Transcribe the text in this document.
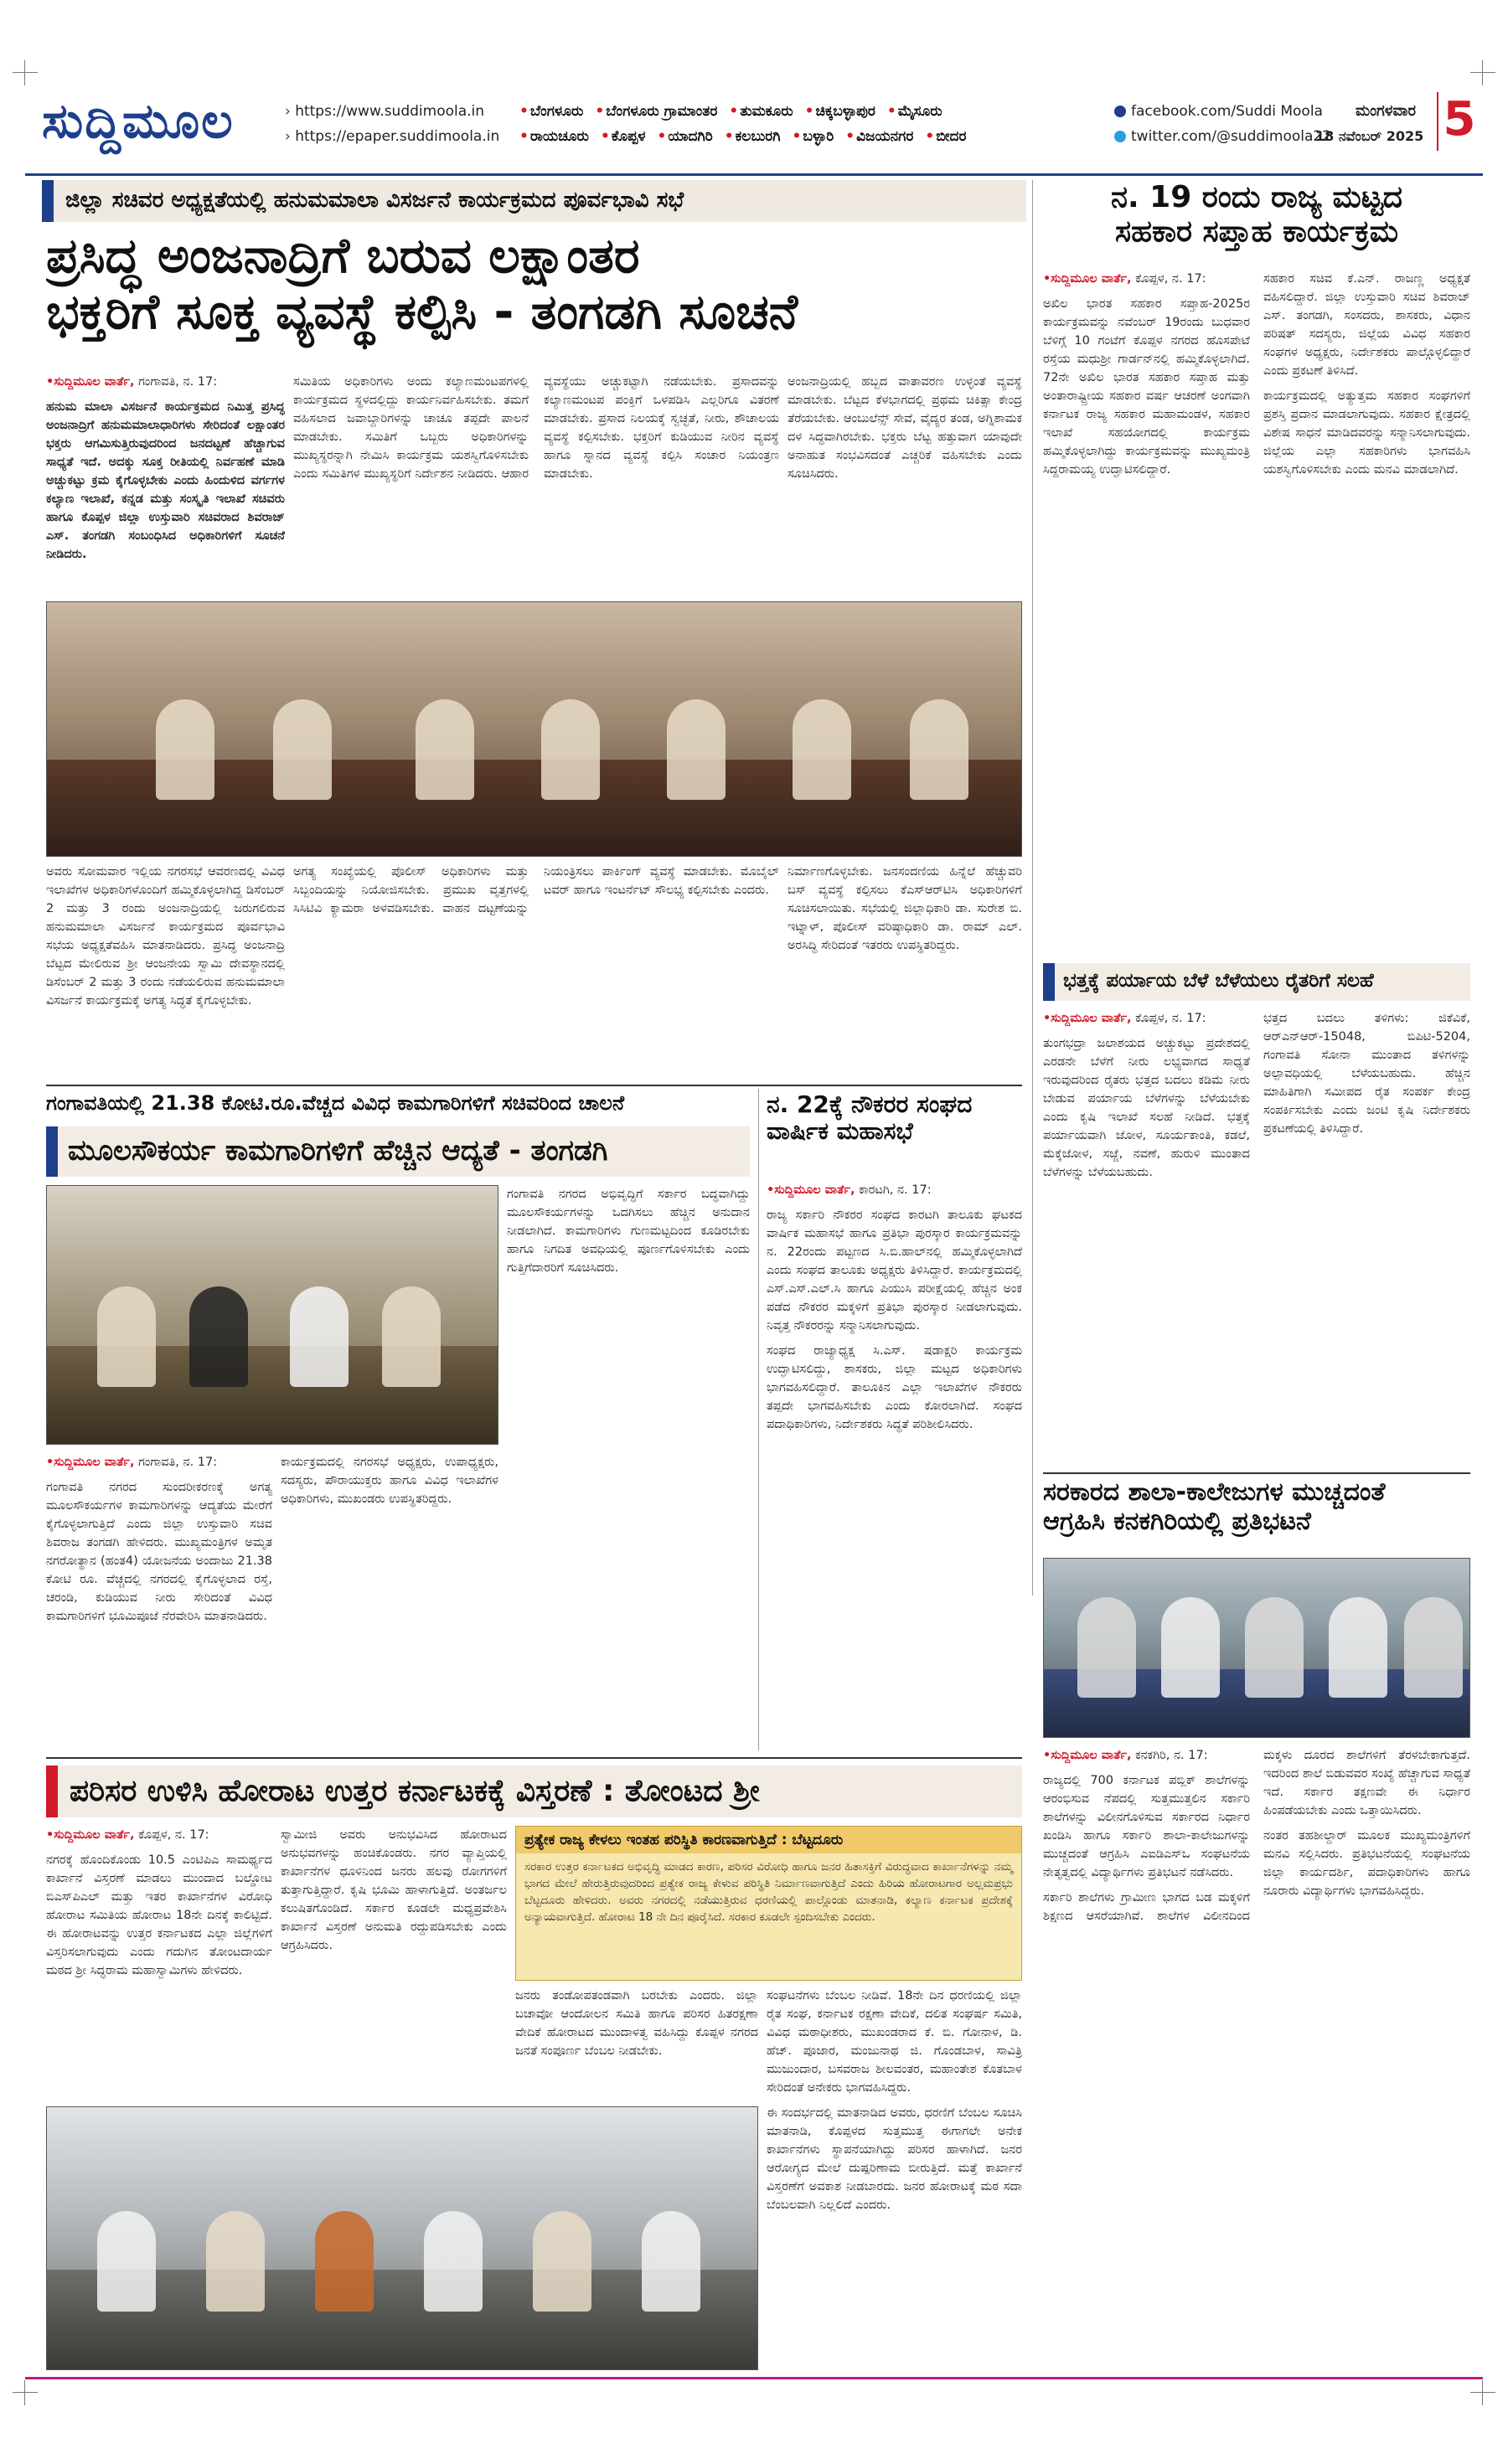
ಸುದ್ದಿಮೂಲ	› https://www.suddimoola.in
› https://epaper.suddimoola.in
• ಬೆಂಗಳೂರು • ಬೆಂಗಳೂರು ಗ್ರಾಮಾಂತರ • ತುಮಕೂರು • ಚಿಕ್ಕಬಳ್ಳಾಪುರ • ಮೈಸೂರು
• ರಾಯಚೂರು • ಕೊಪ್ಪಳ • ಯಾದಗಿರಿ • ಕಲಬುರಗಿ • ಬಳ್ಳಾರಿ • ವಿಜಯನಗರ • ಬೀದರ
facebook.com/Suddi Moola
twitter.com/@suddimoola22
ಮಂಗಳವಾರ
18 ನವೆಂಬರ್ 2025 5
ಜಿಲ್ಲಾ ಸಚಿವರ ಅಧ್ಯಕ್ಷತೆಯಲ್ಲಿ ಹನುಮಮಾಲಾ ವಿಸರ್ಜನೆ ಕಾರ್ಯಕ್ರಮದ ಪೂರ್ವಭಾವಿ ಸಭೆ
ಪ್ರಸಿದ್ಧ ಅಂಜನಾದ್ರಿಗೆ ಬರುವ ಲಕ್ಷಾಂತರ
ಭಕ್ತರಿಗೆ ಸೂಕ್ತ ವ್ಯವಸ್ಥೆ ಕಲ್ಪಿಸಿ - ತಂಗಡಗಿ ಸೂಚನೆ

•ಸುದ್ದಿಮೂಲ ವಾರ್ತೆ, ಗಂಗಾವತಿ, ನ. 17:

ಹನುಮ ಮಾಲಾ ವಿಸರ್ಜನೆ ಕಾರ್ಯಕ್ರಮದ ನಿಮಿತ್ತ ಪ್ರಸಿದ್ಧ ಅಂಜನಾದ್ರಿಗೆ ಹನುಮಮಾಲಾಧಾರಿಗಳು ಸೇರಿದಂತೆ ಲಕ್ಷಾಂತರ ಭಕ್ತರು ಆಗಮಿಸುತ್ತಿರುವುದರಿಂದ ಜನದಟ್ಟಣೆ ಹೆಚ್ಚಾಗುವ ಸಾಧ್ಯತೆ ಇದೆ. ಅದಕ್ಕು ಸೂಕ್ತ ರೀತಿಯಲ್ಲಿ ನಿರ್ವಹಣೆ ಮಾಡಿ ಅಚ್ಚುಕಟ್ಟು ಕ್ರಮ ಕೈಗೊಳ್ಳಬೇಕು ಎಂದು ಹಿಂದುಳಿದ ವರ್ಗಗಳ ಕಲ್ಯಾಣ ಇಲಾಖೆ, ಕನ್ನಡ ಮತ್ತು ಸಂಸ್ಕೃತಿ ಇಲಾಖೆ ಸಚಿವರು ಹಾಗೂ ಕೊಪ್ಪಳ ಜಿಲ್ಲಾ ಉಸ್ತುವಾರಿ ಸಚಿವರಾದ ಶಿವರಾಜ್ ಎಸ್. ತಂಗಡಗಿ ಸಂಬಂಧಿಸಿದ ಅಧಿಕಾರಿಗಳಿಗೆ ಸೂಚನೆ ನೀಡಿದರು.

ಸಮಿತಿಯ ಅಧಿಕಾರಿಗಳು ಅಂದು ಕಲ್ಯಾಣಮಂಟಪಗಳಲ್ಲಿ ಕಾರ್ಯಕ್ರಮದ ಸ್ಥಳದಲ್ಲಿದ್ದು ಕಾರ್ಯನಿರ್ವಹಿಸಬೇಕು. ತಮಗೆ ವಹಿಸಲಾದ ಜವಾಬ್ದಾರಿಗಳನ್ನು ಚಾಚೂ ತಪ್ಪದೇ ಪಾಲನೆ ಮಾಡಬೇಕು. ಸಮಿತಿಗೆ ಒಬ್ಬರು ಅಧಿಕಾರಿಗಳನ್ನು ಮುಖ್ಯಸ್ಥರನ್ನಾಗಿ ನೇಮಿಸಿ ಕಾರ್ಯಕ್ರಮ ಯಶಸ್ವಿಗೊಳಿಸಬೇಕು ಎಂದು ಸಮಿತಿಗಳ ಮುಖ್ಯಸ್ಥರಿಗೆ ನಿರ್ದೇಶನ ನೀಡಿದರು. ಆಹಾರ ವ್ಯವಸ್ಥೆಯು ಅಚ್ಚುಕಟ್ಟಾಗಿ ನಡೆಯಬೇಕು. ಪ್ರಸಾದವನ್ನು ಕಲ್ಯಾಣಮಂಟಪ ಪಂಕ್ತಿಗೆ ಒಳಪಡಿಸಿ ಎಲ್ಲರಿಗೂ ವಿತರಣೆ ಮಾಡಬೇಕು. ಪ್ರಸಾದ ನಿಲಯಕ್ಕೆ ಸ್ವಚ್ಛತೆ, ನೀರು, ಶೌಚಾಲಯ ವ್ಯವಸ್ಥೆ ಕಲ್ಪಿಸಬೇಕು. ಭಕ್ತರಿಗೆ ಕುಡಿಯುವ ನೀರಿನ ವ್ಯವಸ್ಥೆ ಹಾಗೂ ಸ್ನಾನದ ವ್ಯವಸ್ಥೆ ಕಲ್ಪಿಸಿ ಸಂಚಾರ ನಿಯಂತ್ರಣ ಮಾಡಬೇಕು.

ಅಂಜನಾದ್ರಿಯಲ್ಲಿ ಹಬ್ಬದ ವಾತಾವರಣ ಉಳ್ಳಂತೆ ವ್ಯವಸ್ಥೆ ಮಾಡಬೇಕು. ಬೆಟ್ಟದ ಕೆಳಭಾಗದಲ್ಲಿ ಪ್ರಥಮ ಚಿಕಿತ್ಸಾ ಕೇಂದ್ರ ತೆರೆಯಬೇಕು. ಆಂಬುಲೆನ್ಸ್ ಸೇವೆ, ವೈದ್ಯರ ತಂಡ, ಅಗ್ನಿಶಾಮಕ ದಳ ಸಿದ್ಧವಾಗಿರಬೇಕು. ಭಕ್ತರು ಬೆಟ್ಟ ಹತ್ತುವಾಗ ಯಾವುದೇ ಅನಾಹುತ ಸಂಭವಿಸದಂತೆ ಎಚ್ಚರಿಕೆ ವಹಿಸಬೇಕು ಎಂದು ಸೂಚಿಸಿದರು.

ಅವರು ಸೋಮವಾರ ಇಲ್ಲಿಯ ನಗರಸಭೆ ಆವರಣದಲ್ಲಿ ವಿವಿಧ ಇಲಾಖೆಗಳ ಅಧಿಕಾರಿಗಳೊಂದಿಗೆ ಹಮ್ಮಿಕೊಳ್ಳಲಾಗಿದ್ದ ಡಿಸೆಂಬರ್ 2 ಮತ್ತು 3 ರಂದು ಅಂಜನಾದ್ರಿಯಲ್ಲಿ ಜರುಗಲಿರುವ ಹನುಮಮಾಲಾ ವಿಸರ್ಜನೆ ಕಾರ್ಯಕ್ರಮದ ಪೂರ್ವಭಾವಿ ಸಭೆಯ ಅಧ್ಯಕ್ಷತೆವಹಿಸಿ ಮಾತನಾಡಿದರು. ಪ್ರಸಿದ್ಧ ಅಂಜನಾದ್ರಿ ಬೆಟ್ಟದ ಮೇಲಿರುವ ಶ್ರೀ ಆಂಜನೇಯ ಸ್ವಾಮಿ ದೇವಸ್ಥಾನದಲ್ಲಿ ಡಿಸೆಂಬರ್ 2 ಮತ್ತು 3 ರಂದು ನಡೆಯಲಿರುವ ಹನುಮಮಾಲಾ ವಿಸರ್ಜನೆ ಕಾರ್ಯಕ್ರಮಕ್ಕೆ ಅಗತ್ಯ ಸಿದ್ಧತೆ ಕೈಗೊಳ್ಳಬೇಕು.

ಅಗತ್ಯ ಸಂಖ್ಯೆಯಲ್ಲಿ ಪೊಲೀಸ್ ಅಧಿಕಾರಿಗಳು ಮತ್ತು ಸಿಬ್ಬಂದಿಯನ್ನು ನಿಯೋಜಿಸಬೇಕು. ಪ್ರಮುಖ ವೃತ್ತಗಳಲ್ಲಿ ಸಿಸಿಟಿವಿ ಕ್ಯಾಮರಾ ಅಳವಡಿಸಬೇಕು. ವಾಹನ ದಟ್ಟಣೆಯನ್ನು ನಿಯಂತ್ರಿಸಲು ಪಾರ್ಕಿಂಗ್ ವ್ಯವಸ್ಥೆ ಮಾಡಬೇಕು. ಮೊಬೈಲ್ ಟವರ್ ಹಾಗೂ ಇಂಟರ್ನೆಟ್ ಸೌಲಭ್ಯ ಕಲ್ಪಿಸಬೇಕು ಎಂದರು.

ನಿರ್ಮಾಣಗೊಳ್ಳಬೇಕು. ಜನಸಂದಣಿಯ ಹಿನ್ನೆಲೆ ಹೆಚ್ಚುವರಿ ಬಸ್ ವ್ಯವಸ್ಥೆ ಕಲ್ಪಿಸಲು ಕೆಎಸ್ಆರ್‌ಟಿಸಿ ಅಧಿಕಾರಿಗಳಿಗೆ ಸೂಚಿಸಲಾಯಿತು. ಸಭೆಯಲ್ಲಿ ಜಿಲ್ಲಾಧಿಕಾರಿ ಡಾ. ಸುರೇಶ ಬಿ. ಇಟ್ನಾಳ್, ಪೊಲೀಸ್ ವರಿಷ್ಠಾಧಿಕಾರಿ ಡಾ. ರಾಮ್ ಎಲ್. ಅರಸಿದ್ಧಿ ಸೇರಿದಂತೆ ಇತರರು ಉಪಸ್ಥಿತರಿದ್ದರು.

ನ. 19 ರಂದು ರಾಜ್ಯ ಮಟ್ಟದ
ಸಹಕಾರ ಸಪ್ತಾಹ ಕಾರ್ಯಕ್ರಮ

•ಸುದ್ದಿಮೂಲ ವಾರ್ತೆ, ಕೊಪ್ಪಳ, ನ. 17:

ಅಖಿಲ ಭಾರತ ಸಹಕಾರ ಸಪ್ತಾಹ-2025ರ ಕಾರ್ಯಕ್ರಮವನ್ನು ನವೆಂಬರ್ 19ರಂದು ಬುಧವಾರ ಬೆಳಿಗ್ಗೆ 10 ಗಂಟೆಗೆ ಕೊಪ್ಪಳ ನಗರದ ಹೊಸಪೇಟೆ ರಸ್ತೆಯ ಮಧುಶ್ರೀ ಗಾರ್ಡನ್‌ನಲ್ಲಿ ಹಮ್ಮಿಕೊಳ್ಳಲಾಗಿದೆ. 72ನೇ ಅಖಿಲ ಭಾರತ ಸಹಕಾರ ಸಪ್ತಾಹ ಮತ್ತು ಅಂತಾರಾಷ್ಟ್ರೀಯ ಸಹಕಾರ ವರ್ಷ ಆಚರಣೆ ಅಂಗವಾಗಿ ಕರ್ನಾಟಕ ರಾಜ್ಯ ಸಹಕಾರ ಮಹಾಮಂಡಳ, ಸಹಕಾರ ಇಲಾಖೆ ಸಹಯೋಗದಲ್ಲಿ ಕಾರ್ಯಕ್ರಮ ಹಮ್ಮಿಕೊಳ್ಳಲಾಗಿದ್ದು ಕಾರ್ಯಕ್ರಮವನ್ನು ಮುಖ್ಯಮಂತ್ರಿ ಸಿದ್ದರಾಮಯ್ಯ ಉದ್ಘಾಟಿಸಲಿದ್ದಾರೆ.

ಸಹಕಾರ ಸಚಿವ ಕೆ.ಎನ್. ರಾಜಣ್ಣ ಅಧ್ಯಕ್ಷತೆ ವಹಿಸಲಿದ್ದಾರೆ. ಜಿಲ್ಲಾ ಉಸ್ತುವಾರಿ ಸಚಿವ ಶಿವರಾಜ್ ಎಸ್. ತಂಗಡಗಿ, ಸಂಸದರು, ಶಾಸಕರು, ವಿಧಾನ ಪರಿಷತ್ ಸದಸ್ಯರು, ಜಿಲ್ಲೆಯ ವಿವಿಧ ಸಹಕಾರ ಸಂಘಗಳ ಅಧ್ಯಕ್ಷರು, ನಿರ್ದೇಶಕರು ಪಾಲ್ಗೊಳ್ಳಲಿದ್ದಾರೆ ಎಂದು ಪ್ರಕಟಣೆ ತಿಳಿಸಿದೆ.

ಕಾರ್ಯಕ್ರಮದಲ್ಲಿ ಅತ್ಯುತ್ತಮ ಸಹಕಾರ ಸಂಘಗಳಿಗೆ ಪ್ರಶಸ್ತಿ ಪ್ರದಾನ ಮಾಡಲಾಗುವುದು. ಸಹಕಾರ ಕ್ಷೇತ್ರದಲ್ಲಿ ವಿಶೇಷ ಸಾಧನೆ ಮಾಡಿದವರನ್ನು ಸನ್ಮಾನಿಸಲಾಗುವುದು. ಜಿಲ್ಲೆಯ ಎಲ್ಲಾ ಸಹಕಾರಿಗಳು ಭಾಗವಹಿಸಿ ಯಶಸ್ವಿಗೊಳಿಸಬೇಕು ಎಂದು ಮನವಿ ಮಾಡಲಾಗಿದೆ.

ಭತ್ತಕ್ಕೆ ಪರ್ಯಾಯ ಬೆಳೆ ಬೆಳೆಯಲು ರೈತರಿಗೆ ಸಲಹೆ

•ಸುದ್ದಿಮೂಲ ವಾರ್ತೆ, ಕೊಪ್ಪಳ, ನ. 17:

ತುಂಗಭದ್ರಾ ಜಲಾಶಯದ ಅಚ್ಚುಕಟ್ಟು ಪ್ರದೇಶದಲ್ಲಿ ಎರಡನೇ ಬೆಳೆಗೆ ನೀರು ಲಭ್ಯವಾಗದ ಸಾಧ್ಯತೆ ಇರುವುದರಿಂದ ರೈತರು ಭತ್ತದ ಬದಲು ಕಡಿಮೆ ನೀರು ಬೇಡುವ ಪರ್ಯಾಯ ಬೆಳೆಗಳನ್ನು ಬೆಳೆಯಬೇಕು ಎಂದು ಕೃಷಿ ಇಲಾಖೆ ಸಲಹೆ ನೀಡಿದೆ. ಭತ್ತಕ್ಕೆ ಪರ್ಯಾಯವಾಗಿ ಜೋಳ, ಸೂರ್ಯಕಾಂತಿ, ಕಡಲೆ, ಮೆಕ್ಕೆಜೋಳ, ಸಜ್ಜೆ, ನವಣೆ, ಹುರುಳಿ ಮುಂತಾದ ಬೆಳೆಗಳನ್ನು ಬೆಳೆಯಬಹುದು.

ಭತ್ತದ ಬದಲು ತಳಿಗಳು: ಜಿಕೆವಿಕೆ, ಆರ್‌ಎನ್‌ಆರ್-15048, ಬಿಪಿಟಿ-5204, ಗಂಗಾವತಿ ಸೋನಾ ಮುಂತಾದ ತಳಿಗಳನ್ನು ಅಲ್ಪಾವಧಿಯಲ್ಲಿ ಬೆಳೆಯಬಹುದು. ಹೆಚ್ಚಿನ ಮಾಹಿತಿಗಾಗಿ ಸಮೀಪದ ರೈತ ಸಂಪರ್ಕ ಕೇಂದ್ರ ಸಂಪರ್ಕಿಸಬೇಕು ಎಂದು ಜಂಟಿ ಕೃಷಿ ನಿರ್ದೇಶಕರು ಪ್ರಕಟಣೆಯಲ್ಲಿ ತಿಳಿಸಿದ್ದಾರೆ.

ಸರಕಾರದ ಶಾಲಾ-ಕಾಲೇಜುಗಳ ಮುಚ್ಚದಂತೆ
ಆಗ್ರಹಿಸಿ ಕನಕಗಿರಿಯಲ್ಲಿ ಪ್ರತಿಭಟನೆ

•ಸುದ್ದಿಮೂಲ ವಾರ್ತೆ, ಕನಕಗಿರಿ, ನ. 17:

ರಾಜ್ಯದಲ್ಲಿ 700 ಕರ್ನಾಟಕ ಪಬ್ಲಿಕ್ ಶಾಲೆಗಳನ್ನು ಆರಂಭಿಸುವ ನೆಪದಲ್ಲಿ ಸುತ್ತಮುತ್ತಲಿನ ಸರ್ಕಾರಿ ಶಾಲೆಗಳನ್ನು ವಿಲೀನಗೊಳಿಸುವ ಸರ್ಕಾರದ ನಿರ್ಧಾರ ಖಂಡಿಸಿ ಹಾಗೂ ಸರ್ಕಾರಿ ಶಾಲಾ-ಕಾಲೇಜುಗಳನ್ನು ಮುಚ್ಚದಂತೆ ಆಗ್ರಹಿಸಿ ಎಐಡಿಎಸ್ಒ ಸಂಘಟನೆಯ ನೇತೃತ್ವದಲ್ಲಿ ವಿದ್ಯಾರ್ಥಿಗಳು ಪ್ರತಿಭಟನೆ ನಡೆಸಿದರು.

ಸರ್ಕಾರಿ ಶಾಲೆಗಳು ಗ್ರಾಮೀಣ ಭಾಗದ ಬಡ ಮಕ್ಕಳಿಗೆ ಶಿಕ್ಷಣದ ಆಸರೆಯಾಗಿವೆ. ಶಾಲೆಗಳ ವಿಲೀನದಿಂದ ಮಕ್ಕಳು ದೂರದ ಶಾಲೆಗಳಿಗೆ ತೆರಳಬೇಕಾಗುತ್ತದೆ. ಇದರಿಂದ ಶಾಲೆ ಬಿಡುವವರ ಸಂಖ್ಯೆ ಹೆಚ್ಚಾಗುವ ಸಾಧ್ಯತೆ ಇದೆ. ಸರ್ಕಾರ ತಕ್ಷಣವೇ ಈ ನಿರ್ಧಾರ ಹಿಂಪಡೆಯಬೇಕು ಎಂದು ಒತ್ತಾಯಿಸಿದರು.

ನಂತರ ತಹಶೀಲ್ದಾರ್ ಮೂಲಕ ಮುಖ್ಯಮಂತ್ರಿಗಳಿಗೆ ಮನವಿ ಸಲ್ಲಿಸಿದರು. ಪ್ರತಿಭಟನೆಯಲ್ಲಿ ಸಂಘಟನೆಯ ಜಿಲ್ಲಾ ಕಾರ್ಯದರ್ಶಿ, ಪದಾಧಿಕಾರಿಗಳು ಹಾಗೂ ನೂರಾರು ವಿದ್ಯಾರ್ಥಿಗಳು ಭಾಗವಹಿಸಿದ್ದರು.

ಗಂಗಾವತಿಯಲ್ಲಿ 21.38 ಕೋಟಿ.ರೂ.ವೆಚ್ಚದ ವಿವಿಧ ಕಾಮಗಾರಿಗಳಿಗೆ ಸಚಿವರಿಂದ ಚಾಲನೆ
ಮೂಲಸೌಕರ್ಯ ಕಾಮಗಾರಿಗಳಿಗೆ ಹೆಚ್ಚಿನ ಆದ್ಯತೆ - ತಂಗಡಗಿ

•ಸುದ್ದಿಮೂಲ ವಾರ್ತೆ, ಗಂಗಾವತಿ, ನ. 17:

ಗಂಗಾವತಿ ನಗರದ ಸುಂದರೀಕರಣಕ್ಕೆ ಅಗತ್ಯ ಮೂಲಸೌಕರ್ಯಗಳ ಕಾಮಗಾರಿಗಳನ್ನು ಆದ್ಯತೆಯ ಮೇರೆಗೆ ಕೈಗೊಳ್ಳಲಾಗುತ್ತಿದೆ ಎಂದು ಜಿಲ್ಲಾ ಉಸ್ತುವಾರಿ ಸಚಿವ ಶಿವರಾಜ ತಂಗಡಗಿ ಹೇಳಿದರು. ಮುಖ್ಯಮಂತ್ರಿಗಳ ಅಮೃತ ನಗರೋತ್ಥಾನ (ಹಂತ4) ಯೋಜನೆಯ ಅಂದಾಜು 21.38 ಕೋಟಿ ರೂ. ವೆಚ್ಚದಲ್ಲಿ ನಗರದಲ್ಲಿ ಕೈಗೊಳ್ಳಲಾದ ರಸ್ತೆ, ಚರಂಡಿ, ಕುಡಿಯುವ ನೀರು ಸೇರಿದಂತೆ ವಿವಿಧ ಕಾಮಗಾರಿಗಳಿಗೆ ಭೂಮಿಪೂಜೆ ನೆರವೇರಿಸಿ ಮಾತನಾಡಿದರು.

ಕಾರ್ಯಕ್ರಮದಲ್ಲಿ ನಗರಸಭೆ ಅಧ್ಯಕ್ಷರು, ಉಪಾಧ್ಯಕ್ಷರು, ಸದಸ್ಯರು, ಪೌರಾಯುಕ್ತರು ಹಾಗೂ ವಿವಿಧ ಇಲಾಖೆಗಳ ಅಧಿಕಾರಿಗಳು, ಮುಖಂಡರು ಉಪಸ್ಥಿತರಿದ್ದರು.

ಗಂಗಾವತಿ ನಗರದ ಅಭಿವೃದ್ಧಿಗೆ ಸರ್ಕಾರ ಬದ್ಧವಾಗಿದ್ದು ಮೂಲಸೌಕರ್ಯಗಳನ್ನು ಒದಗಿಸಲು ಹೆಚ್ಚಿನ ಅನುದಾನ ನೀಡಲಾಗಿದೆ. ಕಾಮಗಾರಿಗಳು ಗುಣಮಟ್ಟದಿಂದ ಕೂಡಿರಬೇಕು ಹಾಗೂ ನಿಗದಿತ ಅವಧಿಯಲ್ಲಿ ಪೂರ್ಣಗೊಳಿಸಬೇಕು ಎಂದು ಗುತ್ತಿಗೆದಾರರಿಗೆ ಸೂಚಿಸಿದರು.

ನ. 22ಕ್ಕೆ ನೌಕರರ ಸಂಘದ
ವಾರ್ಷಿಕ ಮಹಾಸಭೆ

•ಸುದ್ದಿಮೂಲ ವಾರ್ತೆ, ಕಾರಟಗಿ, ನ. 17:

ರಾಜ್ಯ ಸರ್ಕಾರಿ ನೌಕರರ ಸಂಘದ ಕಾರಟಗಿ ತಾಲೂಕು ಘಟಕದ ವಾರ್ಷಿಕ ಮಹಾಸಭೆ ಹಾಗೂ ಪ್ರತಿಭಾ ಪುರಸ್ಕಾರ ಕಾರ್ಯಕ್ರಮವನ್ನು ನ. 22ರಂದು ಪಟ್ಟಣದ ಸಿ.ಬಿ.ಹಾಲ್‌ನಲ್ಲಿ ಹಮ್ಮಿಕೊಳ್ಳಲಾಗಿದೆ ಎಂದು ಸಂಘದ ತಾಲೂಕು ಅಧ್ಯಕ್ಷರು ತಿಳಿಸಿದ್ದಾರೆ. ಕಾರ್ಯಕ್ರಮದಲ್ಲಿ ಎಸ್.ಎಸ್.ಎಲ್.ಸಿ ಹಾಗೂ ಪಿಯುಸಿ ಪರೀಕ್ಷೆಯಲ್ಲಿ ಹೆಚ್ಚಿನ ಅಂಕ ಪಡೆದ ನೌಕರರ ಮಕ್ಕಳಿಗೆ ಪ್ರತಿಭಾ ಪುರಸ್ಕಾರ ನೀಡಲಾಗುವುದು. ನಿವೃತ್ತ ನೌಕರರನ್ನು ಸನ್ಮಾನಿಸಲಾಗುವುದು.

ಸಂಘದ ರಾಜ್ಯಾಧ್ಯಕ್ಷ ಸಿ.ಎಸ್. ಷಡಾಕ್ಷರಿ ಕಾರ್ಯಕ್ರಮ ಉದ್ಘಾಟಿಸಲಿದ್ದು, ಶಾಸಕರು, ಜಿಲ್ಲಾ ಮಟ್ಟದ ಅಧಿಕಾರಿಗಳು ಭಾಗವಹಿಸಲಿದ್ದಾರೆ. ತಾಲೂಕಿನ ಎಲ್ಲಾ ಇಲಾಖೆಗಳ ನೌಕರರು ತಪ್ಪದೇ ಭಾಗವಹಿಸಬೇಕು ಎಂದು ಕೋರಲಾಗಿದೆ. ಸಂಘದ ಪದಾಧಿಕಾರಿಗಳು, ನಿರ್ದೇಶಕರು ಸಿದ್ಧತೆ ಪರಿಶೀಲಿಸಿದರು.

ಪರಿಸರ ಉಳಿಸಿ ಹೋರಾಟ ಉತ್ತರ ಕರ್ನಾಟಕಕ್ಕೆ ವಿಸ್ತರಣೆ : ತೋಂಟದ ಶ್ರೀ

•ಸುದ್ದಿಮೂಲ ವಾರ್ತೆ, ಕೊಪ್ಪಳ, ನ. 17:

ನಗರಕ್ಕೆ ಹೊಂದಿಕೊಂಡು 10.5 ಎಂಟಿಪಿಎ ಸಾಮರ್ಥ್ಯದ ಕಾರ್ಖಾನೆ ವಿಸ್ತರಣೆ ಮಾಡಲು ಮುಂದಾದ ಬಲ್ಡೋಟ ಬಿಎಸ್‌ಪಿಎಲ್ ಮತ್ತು ಇತರ ಕಾರ್ಖಾನೆಗಳ ವಿರೋಧಿ ಹೋರಾಟ ಸಮಿತಿಯ ಹೋರಾಟ 18ನೇ ದಿನಕ್ಕೆ ಕಾಲಿಟ್ಟಿದೆ. ಈ ಹೋರಾಟವನ್ನು ಉತ್ತರ ಕರ್ನಾಟಕದ ಎಲ್ಲಾ ಜಿಲ್ಲೆಗಳಿಗೆ ವಿಸ್ತರಿಸಲಾಗುವುದು ಎಂದು ಗದುಗಿನ ತೋಂಟದಾರ್ಯ ಮಠದ ಶ್ರೀ ಸಿದ್ಧರಾಮ ಮಹಾಸ್ವಾಮಿಗಳು ಹೇಳಿದರು.

ಸ್ವಾಮೀಜಿ ಅವರು ಅನುಭವಿಸಿದ ಹೋರಾಟದ ಅನುಭವಗಳನ್ನು ಹಂಚಿಕೊಂಡರು. ನಗರ ವ್ಯಾಪ್ತಿಯಲ್ಲಿ ಕಾರ್ಖಾನೆಗಳ ಧೂಳಿನಿಂದ ಜನರು ಹಲವು ರೋಗಗಳಿಗೆ ತುತ್ತಾಗುತ್ತಿದ್ದಾರೆ. ಕೃಷಿ ಭೂಮಿ ಹಾಳಾಗುತ್ತಿದೆ. ಅಂತರ್ಜಲ ಕಲುಷಿತಗೊಂಡಿದೆ. ಸರ್ಕಾರ ಕೂಡಲೇ ಮಧ್ಯಪ್ರವೇಶಿಸಿ ಕಾರ್ಖಾನೆ ವಿಸ್ತರಣೆ ಅನುಮತಿ ರದ್ದುಪಡಿಸಬೇಕು ಎಂದು ಆಗ್ರಹಿಸಿದರು.

ಪ್ರತ್ಯೇಕ ರಾಜ್ಯ ಕೇಳಲು ಇಂತಹ ಪರಿಸ್ಥಿತಿ ಕಾರಣವಾಗುತ್ತಿದೆ : ಬೆಟ್ಟದೂರು
ಸರಕಾರ ಉತ್ತರ ಕರ್ನಾಟಕದ ಅಭಿವೃದ್ಧಿ ಮಾಡದ ಕಾರಣ, ಪರಿಸರ ವಿರೋಧಿ ಹಾಗೂ ಜನರ ಹಿತಾಸಕ್ತಿಗೆ ವಿರುದ್ಧವಾದ ಕಾರ್ಖಾನೆಗಳನ್ನು ನಮ್ಮ ಭಾಗದ ಮೇಲೆ ಹೇರುತ್ತಿರುವುದರಿಂದ ಪ್ರತ್ಯೇಕ ರಾಜ್ಯ ಕೇಳುವ ಪರಿಸ್ಥಿತಿ ನಿರ್ಮಾಣವಾಗುತ್ತಿದೆ ಎಂದು ಹಿರಿಯ ಹೋರಾಟಗಾರ ಅಲ್ಲಮಪ್ರಭು ಬೆಟ್ಟದೂರು ಹೇಳಿದರು. ಅವರು ನಗರದಲ್ಲಿ ನಡೆಯುತ್ತಿರುವ ಧರಣಿಯಲ್ಲಿ ಪಾಲ್ಗೊಂಡು ಮಾತನಾಡಿ, ಕಲ್ಯಾಣ ಕರ್ನಾಟಕ ಪ್ರದೇಶಕ್ಕೆ ಅನ್ಯಾಯವಾಗುತ್ತಿದೆ. ಹೋರಾಟ 18 ನೇ ದಿನ ಪೂರೈಸಿದೆ. ಸರಕಾರ ಕೂಡಲೇ ಸ್ಪಂದಿಸಬೇಕು ಎಂದರು.

ಜನರು ತಂಡೋಪತಂಡವಾಗಿ ಬರಬೇಕು ಎಂದರು. ಜಿಲ್ಲಾ ಬಚಾವೋ ಆಂದೋಲನ ಸಮಿತಿ ಹಾಗೂ ಪರಿಸರ ಹಿತರಕ್ಷಣಾ ವೇದಿಕೆ ಹೋರಾಟದ ಮುಂದಾಳತ್ವ ವಹಿಸಿದ್ದು ಕೊಪ್ಪಳ ನಗರದ ಜನತೆ ಸಂಪೂರ್ಣ ಬೆಂಬಲ ನೀಡಬೇಕು.

ಸಂಘಟನೆಗಳು ಬೆಂಬಲ ನೀಡಿವೆ. 18ನೇ ದಿನ ಧರಣಿಯಲ್ಲಿ ಜಿಲ್ಲಾ ರೈತ ಸಂಘ, ಕರ್ನಾಟಕ ರಕ್ಷಣಾ ವೇದಿಕೆ, ದಲಿತ ಸಂಘರ್ಷ ಸಮಿತಿ, ವಿವಿಧ ಮಠಾಧೀಶರು, ಮುಖಂಡರಾದ ಕೆ. ಬಿ. ಗೋನಾಳ, ಡಿ. ಹೆಚ್. ಪೂಜಾರ, ಮಂಜುನಾಥ ಜಿ. ಗೊಂಡಬಾಳ, ಸಾವಿತ್ರಿ ಮುಜುಂದಾರ, ಬಸವರಾಜ ಶೀಲವಂತರ, ಮಹಾಂತೇಶ ಕೊತಬಾಳ ಸೇರಿದಂತೆ ಅನೇಕರು ಭಾಗವಹಿಸಿದ್ದರು.

ಈ ಸಂದರ್ಭದಲ್ಲಿ ಮಾತನಾಡಿದ ಅವರು, ಧರಣಿಗೆ ಬೆಂಬಲ ಸೂಚಿಸಿ ಮಾತನಾಡಿ, ಕೊಪ್ಪಳದ ಸುತ್ತಮುತ್ತ ಈಗಾಗಲೇ ಅನೇಕ ಕಾರ್ಖಾನೆಗಳು ಸ್ಥಾಪನೆಯಾಗಿದ್ದು ಪರಿಸರ ಹಾಳಾಗಿದೆ. ಜನರ ಆರೋಗ್ಯದ ಮೇಲೆ ದುಷ್ಪರಿಣಾಮ ಬೀರುತ್ತಿದೆ. ಮತ್ತೆ ಕಾರ್ಖಾನೆ ವಿಸ್ತರಣೆಗೆ ಅವಕಾಶ ನೀಡಬಾರದು. ಜನರ ಹೋರಾಟಕ್ಕೆ ಮಠ ಸದಾ ಬೆಂಬಲವಾಗಿ ನಿಲ್ಲಲಿದೆ ಎಂದರು.
